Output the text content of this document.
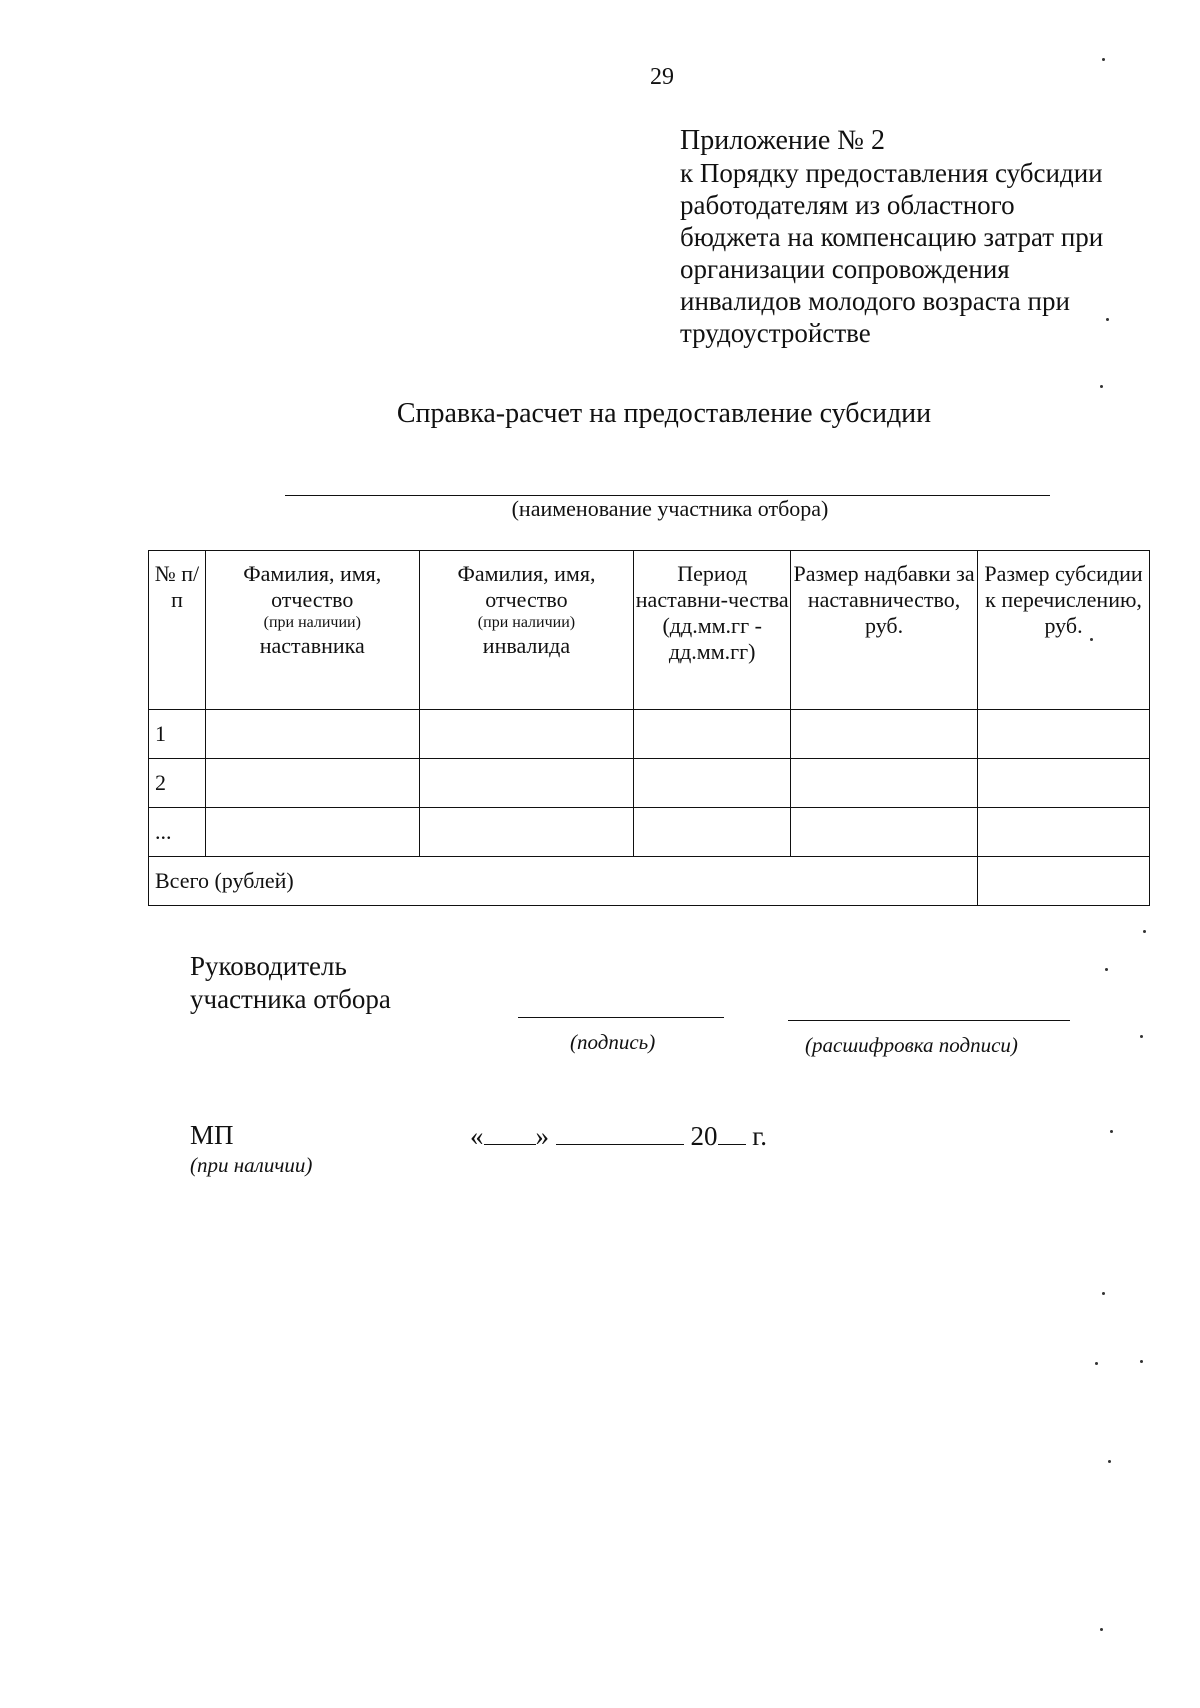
29
Приложение № 2
к Порядку предоставления субсидии
работодателям из областного
бюджета на компенсацию затрат при
организации сопровождения
инвалидов молодого возраста при
трудоустройстве
Справка-расчет на предоставление субсидии
(наименование участника отбора)
№ п/п	Фамилия, имя, отчество
(при наличии)
наставника	Фамилия, имя, отчество
(при наличии)
инвалида	Период наставни-чества (дд.мм.гг - дд.мм.гг)	Размер надбавки за наставничество, руб.	Размер субсидии к перечислению, руб.
1					
2					
...					
Всего (рублей)					
Руководитель
участника отбора
(подпись)	(расшифровка подписи)
МП
(при наличии)
« »	20 г.
